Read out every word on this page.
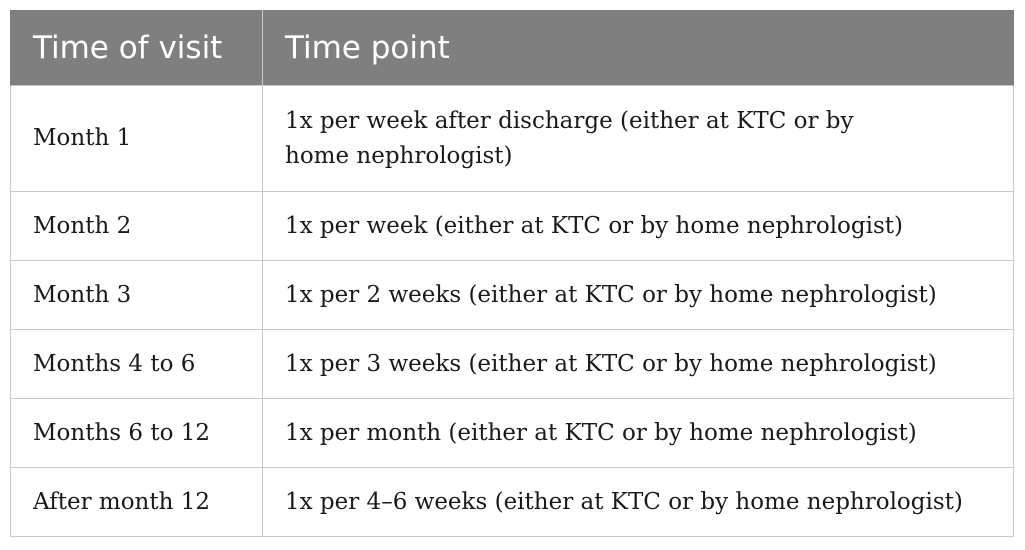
Time of visit	Time point
Month 1	1x per week after discharge (either at KTC or by home nephrologist)

Month 2	1x per week (either at KTC or by home nephrologist)
Month 3	1x per 2 weeks (either at KTC or by home nephrologist)
Months 4 to 6	1x per 3 weeks (either at KTC or by home nephrologist)
Months 6 to 12	1x per month (either at KTC or by home nephrologist)
After month 12	1x per 4–6 weeks (either at KTC or by home nephrologist)
